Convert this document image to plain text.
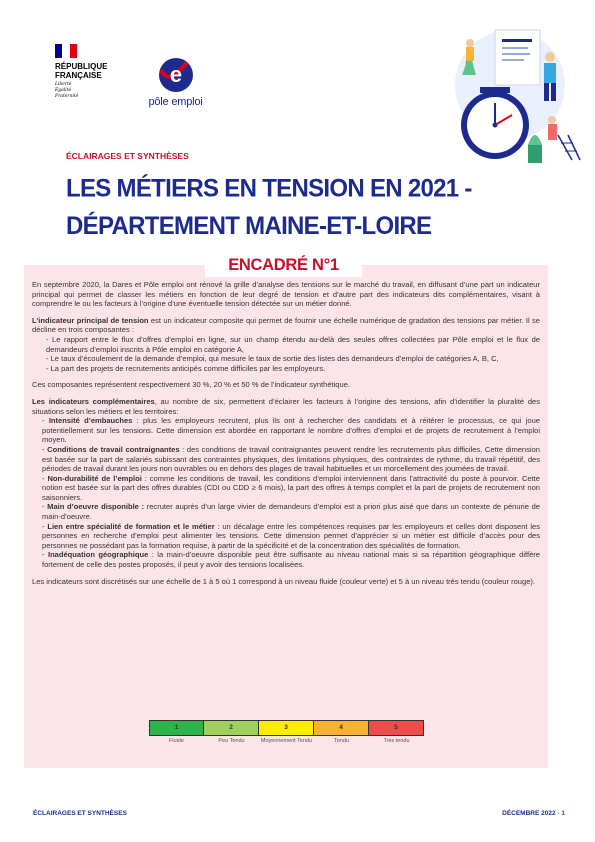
RÉPUBLIQUE
FRANÇAISE
Liberté
Égalité
Fraternité
e
pôle emploi
ÉCLAIRAGES ET SYNTHÈSES
LES MÉTIERS EN TENSION EN 2021 -
DÉPARTEMENT MAINE-ET-LOIRE
ENCADRÉ N°1

En septembre 2020, la Dares et Pôle emploi ont rénové la grille d’analyse des tensions sur le marché du travail, en diffusant d’une part un indicateur principal qui permet de classer les métiers en fonction de leur degré de tension et d’autre part des indicateurs dits complémentaires, visant à comprendre le ou les facteurs à l’origine d’une éventuelle tension détectée sur un métier donné.

L’indicateur principal de tension est un indicateur composite qui permet de fournir une échelle numérique de gradation des tensions par métier. Il se décline en trois composantes :

- Le rapport entre le flux d’offres d’emploi en ligne, sur un champ étendu au-delà des seules offres collectées par Pôle emploi et le flux de demandeurs d’emploi inscrits à Pôle emploi en catégorie A,

- Le taux d’écoulement de la demande d’emploi, qui mesure le taux de sortie des listes des demandeurs d’emploi de catégories A, B, C,

- La part des projets de recrutements anticipés comme difficiles par les employeurs.

Ces composantes représentent respectivement 30 %, 20 % et 50 % de l’indicateur synthétique.

Les indicateurs complémentaires, au nombre de six, permettent d’éclairer les facteurs à l’origine des tensions, afin d’identifier la pluralité des situations selon les métiers et les territoires:

- Intensité d’embauches : plus les employeurs recrutent, plus ils ont à rechercher des candidats et à réitérer le processus, ce qui joue potentiellement sur les tensions. Cette dimension est abordée en rapportant le nombre d’offres d’emploi et de projets de recrutement à l’emploi moyen.

- Conditions de travail contraignantes : des conditions de travail contraignantes peuvent rendre les recrutements plus difficiles. Cette dimension est basée sur la part de salariés subissant des contraintes physiques, des limitations physiques, des contraintes de rythme, du travail répétitif, des périodes de travail durant les jours non ouvrables ou en dehors des plages de travail habituelles et un morcellement des journées de travail.

- Non-durabilité de l’emploi : comme les conditions de travail, les conditions d’emploi interviennent dans l’attractivité du poste à pourvoir. Cette notion est basée sur la part des offres durables (CDI ou CDD ≥ 6 mois), la part des offres à temps complet et la part de projets de recrutement non saisonniers.

- Main d’oeuvre disponible : recruter auprès d’un large vivier de demandeurs d’emploi est a priori plus aisé que dans un contexte de pénurie de main-d’oeuvre.

- Lien entre spécialité de formation et le métier : un décalage entre les compétences requises par les employeurs et celles dont disposent les personnes en recherche d’emploi peut alimenter les tensions. Cette dimension permet d’apprécier si un métier est difficile d’accès pour des personnes ne possédant pas la formation requise, à partir de la spécificité et de la concentration des spécialités de formation.

- Inadéquation géographique : la main-d’oeuvre disponible peut être suffisante au niveau national mais si sa répartition géographique diffère fortement de celle des postes proposés, il peut y avoir des tensions localisées.

Les indicateurs sont discrétisés sur une échelle de 1 à 5 où 1 correspond à un niveau fluide (couleur verte) et 5 à un niveau très tendu (couleur rouge).

1
Fluide
2
Peu Tendu
3
Moyennement Tendu
4
Tendu
5
Très tendu
ÉCLAIRAGES ET SYNTHÈSES	DÉCEMBRE 2022 - 1
